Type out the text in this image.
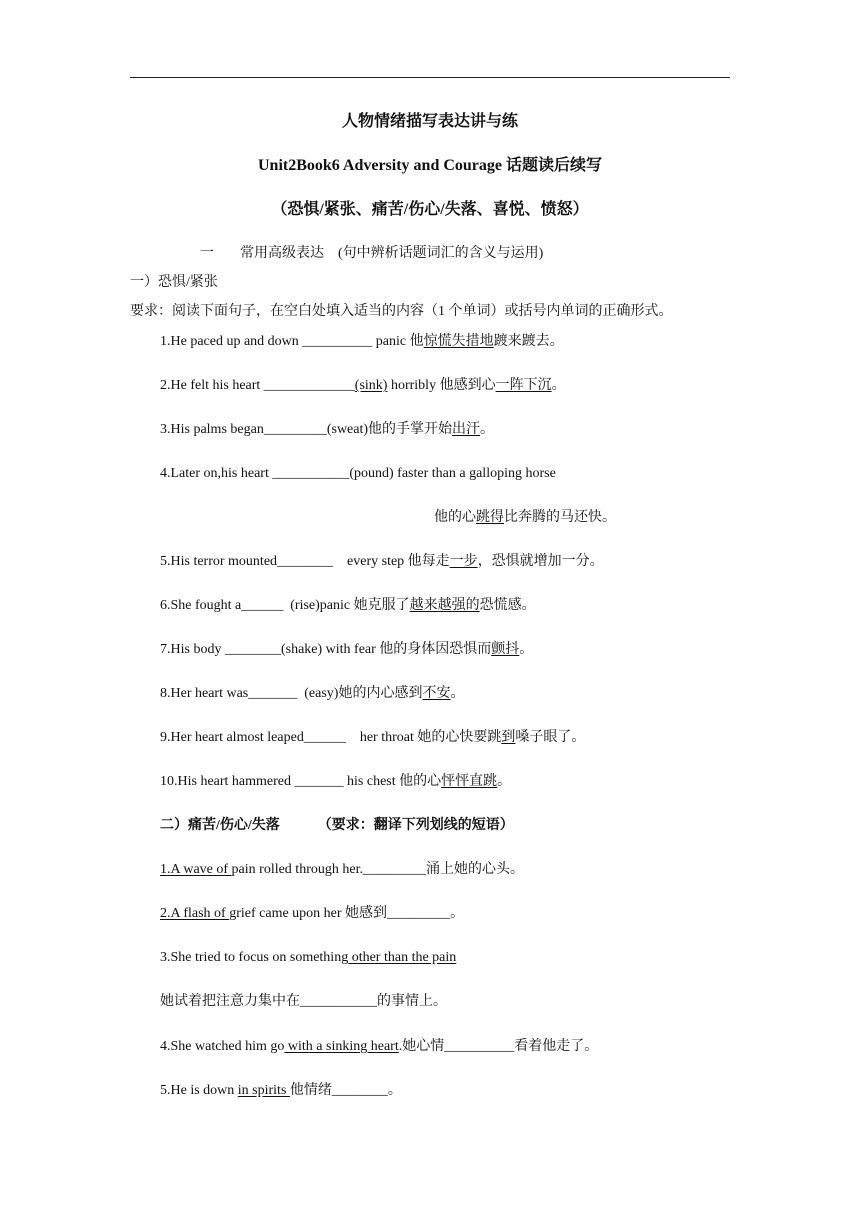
人物情绪描写表达讲与练
Unit2Book6 Adversity and Courage 话题读后续写
（恐惧/紧张、痛苦/伤心/失落、喜悦、愤怒）
一 常用高级表达 (句中辨析话题词汇的含义与运用)
一）恐惧/紧张
要求：阅读下面句子，在空白处填入适当的内容（1 个单词）或括号内单词的正确形式。
1.He paced up and down __________ panic 他惊慌失措地踱来踱去。
2.He felt his heart _____________(sink) horribly 他感到心一阵下沉。
3.His palms began_________(sweat)他的手掌开始出汗。
4.Later on,his heart ___________(pound) faster than a galloping horse
他的心跳得比奔腾的马还快。
5.His terror mounted________    every step 他每走一步，恐惧就增加一分。
6.She fought a______  (rise)panic 她克服了越来越强的恐慌感。
7.His body ________(shake) with fear 他的身体因恐惧而颤抖。
8.Her heart was_______  (easy)她的内心感到不安。
9.Her heart almost leaped______    her throat 她的心快要跳到嗓子眼了。
10.His heart hammered _______ his chest 他的心怦怦直跳。
二）痛苦/伤心/失落	（要求：翻译下列划线的短语）
1.A wave of pain rolled through her._________涌上她的心头。
2.A flash of grief came upon her 她感到_________。
3.She tried to focus on something other than the pain
她试着把注意力集中在___________的事情上。
4.She watched him go with a sinking heart.她心情__________看着他走了。
5.He is down in spirits 他情绪________。
